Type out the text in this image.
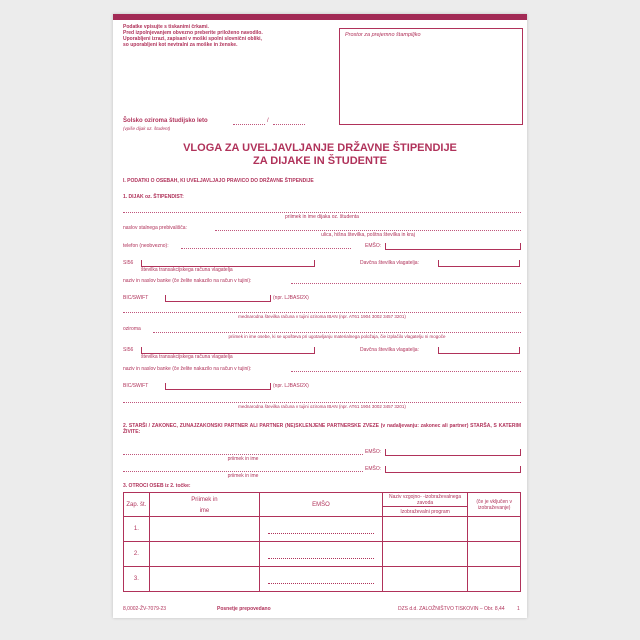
Podatke vpisujte s tiskanimi črkami.
Pred izpolnjevanjem obvezno preberite priloženo navodilo.
Uporabljeni izrazi, zapisani v moški spolni slovnični obliki,
so uporabljeni kot nevtralni za moške in ženske.
Prostor za prejemno štampiljko
Šolsko oziroma študijsko leto	/
(vpiše dijak oz. študent)
VLOGA ZA UVELJAVLJANJE DRŽAVNE ŠTIPENDIJE
ZA DIJAKE IN ŠTUDENTE
I. PODATKI O OSEBAH, KI UVELJAVLJAJO PRAVICO DO DRŽAVNE ŠTIPENDIJE
1. DIJAK oz. ŠTIPENDIST:
priimek in ime dijaka oz. študenta
naslov stalnega prebivališča:
ulica, hišna številka, poštna številka in kraj
telefon (neobvezno):	EMŠO:
SI56
številka transakcijskega računa vlagatelja
Davčna številka vlagatelja:
naziv in naslov banke (če želite nakazilo na račun v tujini):
BIC/SWIFT	(npr. LJBASI2X)
mednarodna številka računa v tujini oziroma IBAN (npr. AT61 1904 3002 3457 3201)
oziroma
priimek in ime osebe, ki se upošteva pri ugotavljanju materialnega položaja, čie izplačilo vlagatelju ni mogoče
SI56
številka transakcijskega računa vlagatelja
Davčna številka vlagatelja:
naziv in naslov banke (če želite nakazilo na račun v tujini):
BIC/SWIFT	(npr. LJBASI2X)
mednarodna številka računa v tujini oziroma IBAN (npr. AT61 1904 3002 3457 3201)
2. STARŠI / ZAKONEC, ZUNAJZAKONSKI PARTNER ALI PARTNER (NE)SKLENJENE PARTNERSKE ZVEZE (v nadaljevanju: zakonec ali partner) STARŠA, S KATERIM ŽIVITE:
priimek in ime
EMŠO:
priimek in ime
EMŠO:
3. OTROCI OSEB iz 2. točke:
Zap. št.	Priimek in	EMŠO	Naziv vzgojno- -izobraževalnega zavoda	(če je vključen v izobraževanje)
	ime		Izobraževalni program	
1.		

2.		

3.		

8,0002-ŽV-7079-23	Posnetje prepovedano	DZS d.d. ZALOŽNIŠTVO TISKOVIN – Obr. 8,44 1
